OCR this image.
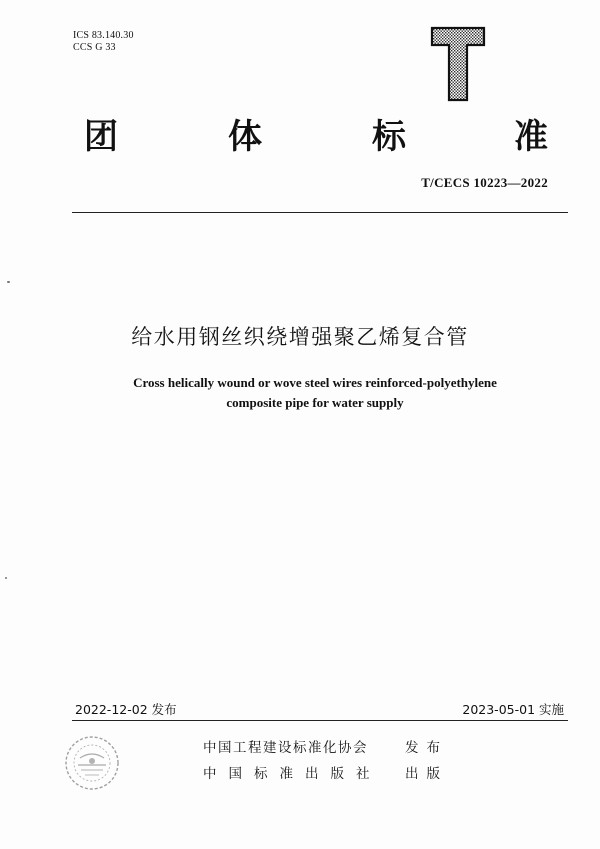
ICS 83.140.30
CCS G 33
团	体	标	准
T/CECS 10223—2022
给水用钢丝织绕增强聚乙烯复合管
Cross helically wound or wove steel wires reinforced-polyethylene
composite pipe for water supply
2022-12-02 发布	2023-05-01 实施
中国工程建设标准化协会	发布
中国标准出版社 出版
